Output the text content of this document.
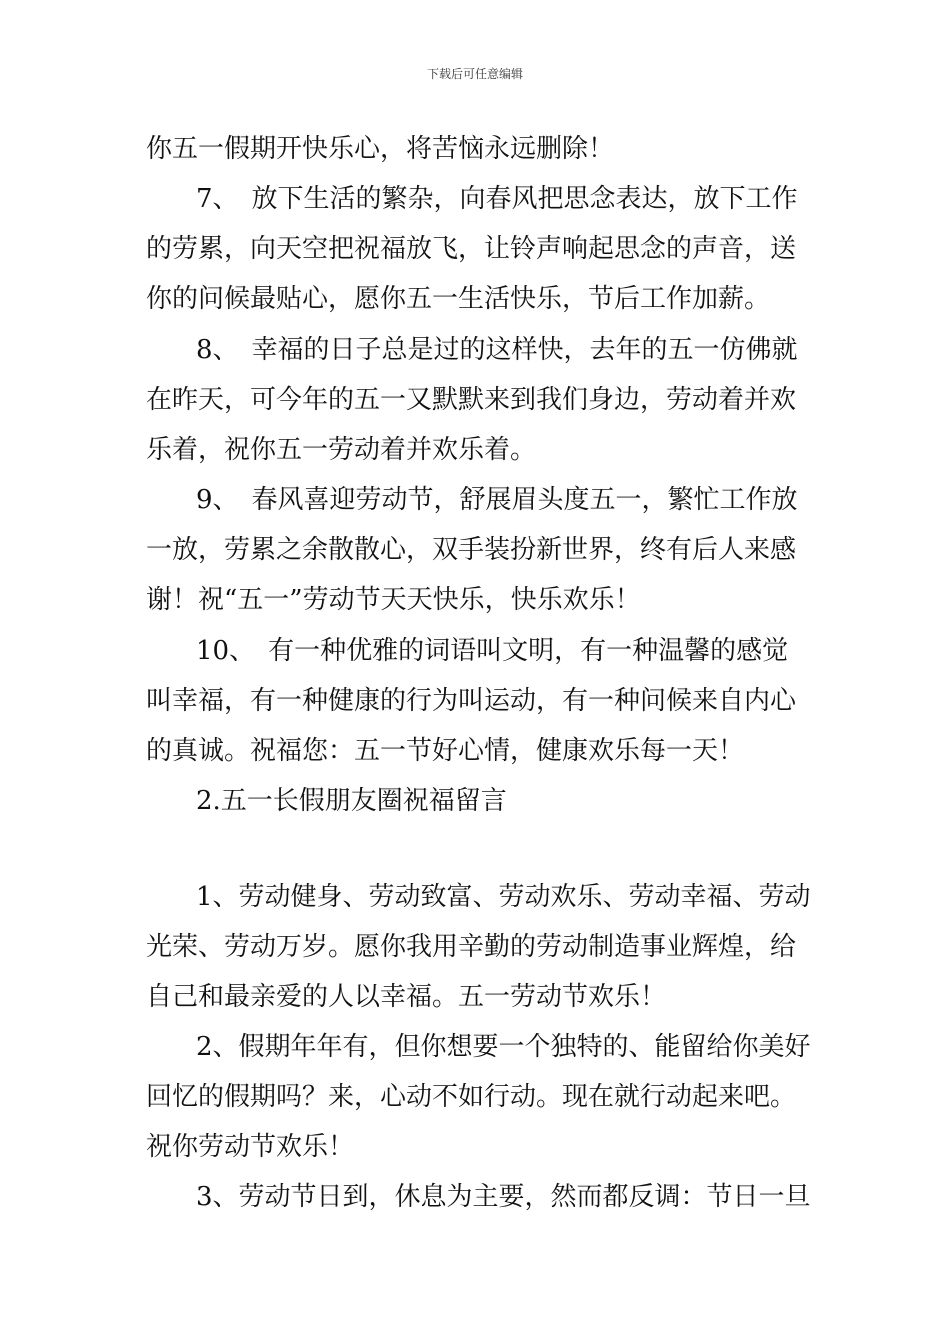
下载后可任意编辑
你五一假期开快乐心，将苦恼永远删除！
7、　放下生活的繁杂，向春风把思念表达，放下工作
的劳累，向天空把祝福放飞，让铃声响起思念的声音，送
你的问候最贴心，愿你五一生活快乐，节后工作加薪。
8、　幸福的日子总是过的这样快，去年的五一仿佛就
在昨天，可今年的五一又默默来到我们身边，劳动着并欢
乐着，祝你五一劳动着并欢乐着。
9、　春风喜迎劳动节，舒展眉头度五一，繁忙工作放
一放，劳累之余散散心，双手装扮新世界，终有后人来感
谢！祝“五一”劳动节天天快乐，快乐欢乐！
10、　有一种优雅的词语叫文明，有一种温馨的感觉
叫幸福，有一种健康的行为叫运动，有一种问候来自内心
的真诚。祝福您：五一节好心情，健康欢乐每一天！
2.五一长假朋友圈祝福留言
1、劳动健身、劳动致富、劳动欢乐、劳动幸福、劳动
光荣、劳动万岁。愿你我用辛勤的劳动制造事业辉煌，给
自己和最亲爱的人以幸福。五一劳动节欢乐！
2、假期年年有，但你想要一个独特的、能留给你美好
回忆的假期吗？来，心动不如行动。现在就行动起来吧。
祝你劳动节欢乐！
3、劳动节日到，休息为主要，然而都反调：节日一旦
